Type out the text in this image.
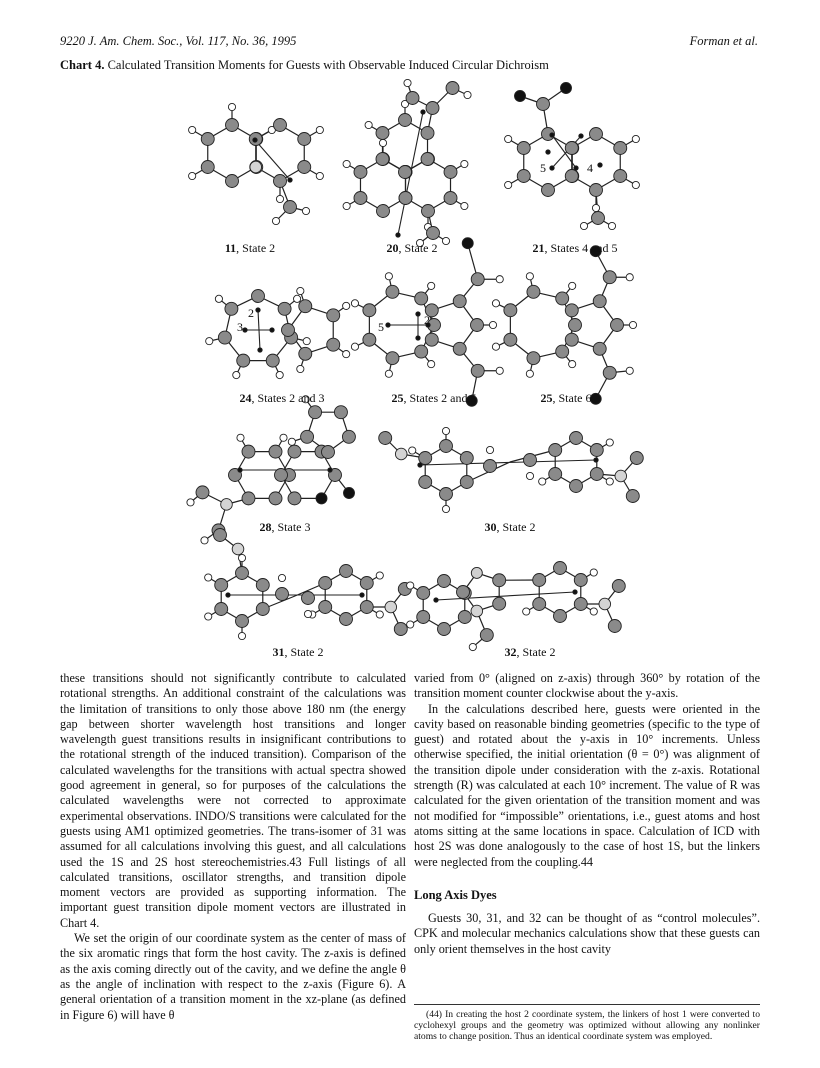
9220 J. Am. Chem. Soc., Vol. 117, No. 36, 1995	Forman et al.
Chart 4. Calculated Transition Moments for Guests with Observable Induced Circular Dichroism
5	4
2
3	5	2
11, State 2	20, State 2	21, States 4 and 5
24, States 2 and 3	25, States 2 and 5	25, State 6
28, State 3	30, State 2
31, State 2	32, State 2

these transitions should not significantly contribute to calculated rotational strengths. An additional constraint of the calculations was the limitation of transitions to only those above 180 nm (the energy gap between shorter wavelength host transitions and longer wavelength guest transitions results in insignificant contributions to the rotational strength of the induced transition). Comparison of the calculated wavelengths for the transitions with actual spectra showed good agreement in general, so for purposes of the calculations the calculated wavelengths were not corrected to approximate experimental observations. INDO/S transitions were calculated for the guests using AM1 optimized geometries. The trans-isomer of 31 was assumed for all calculations involving this guest, and all calculations used the 1S and 2S host stereochemistries.43 Full listings of all calculated transitions, oscillator strengths, and transition dipole moment vectors are provided as supporting information. The important guest transition dipole moment vectors are illustrated in Chart 4.

We set the origin of our coordinate system as the center of mass of the six aromatic rings that form the host cavity. The z-axis is defined as the axis coming directly out of the cavity, and we define the angle θ as the angle of inclination with respect to the z-axis (Figure 6). A general orientation of a transition moment in the xz-plane (as defined in Figure 6) will have θ

varied from 0° (aligned on z-axis) through 360° by rotation of the transition moment counter clockwise about the y-axis.

In the calculations described here, guests were oriented in the cavity based on reasonable binding geometries (specific to the type of guest) and rotated about the y-axis in 10° increments. Unless otherwise specified, the initial orientation (θ = 0°) was alignment of the transition dipole under consideration with the z-axis. Rotational strength (R) was calculated at each 10° increment. The value of R was calculated for the given orientation of the transition moment and was not modified for “impossible” orientations, i.e., guest atoms and host atoms sitting at the same locations in space. Calculation of ICD with host 2S was done analogously to the case of host 1S, but the linkers were neglected from the coupling.44

Long Axis Dyes

Guests 30, 31, and 32 can be thought of as “control molecules”. CPK and molecular mechanics calculations show that these guests can only orient themselves in the host cavity

(44) In creating the host 2 coordinate system, the linkers of host 1 were converted to cyclohexyl groups and the geometry was optimized without allowing any nonlinker atoms to change position. Thus an identical coordinate system was employed.
